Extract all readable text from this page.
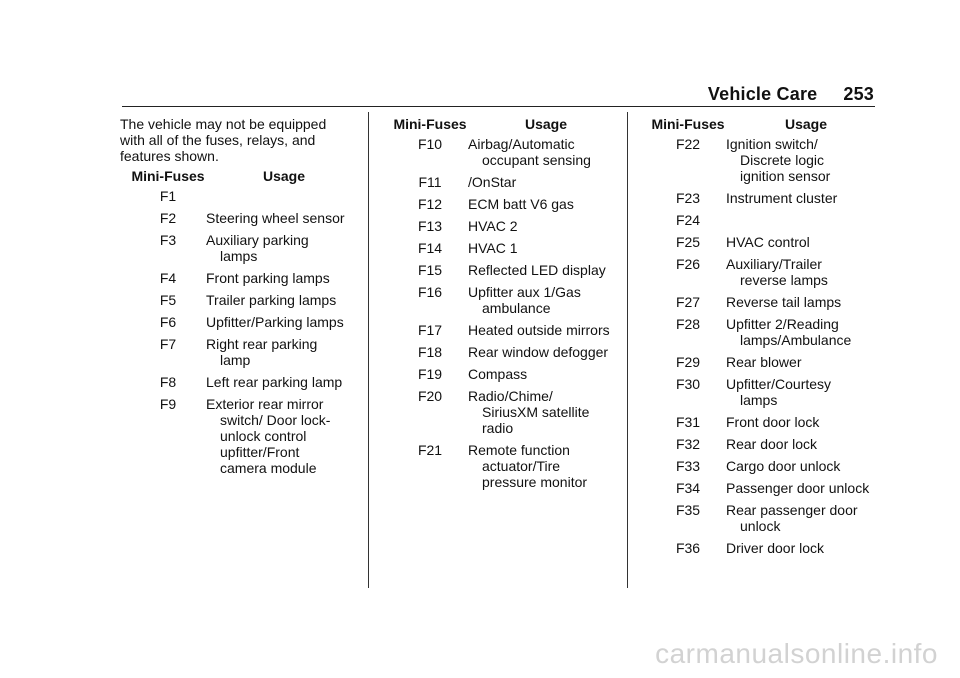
Vehicle Care 253

The vehicle may not be equipped with all of the fuses, relays, and features shown.

Mini-Fuses	Usage
F1
F2	Steering wheel sensor
F3	Auxiliary parking lamps
F4	Front parking lamps
F5	Trailer parking lamps
F6	Upfitter/Parking lamps
F7	Right rear parking lamp
F8	Left rear parking lamp
F9	Exterior rear mirror switch/ Door lock-unlock control upfitter/Front camera module
Mini-Fuses	Usage
F10	Airbag/Automatic occupant sensing
F11	/OnStar
F12	ECM batt V6 gas
F13	HVAC 2
F14	HVAC 1
F15	Reflected LED display
F16	Upfitter aux 1/Gas ambulance
F17	Heated outside mirrors
F18	Rear window defogger
F19	Compass
F20	Radio/Chime/ SiriusXM satellite radio
F21	Remote function actuator/Tire pressure monitor
Mini-Fuses	Usage
F22	Ignition switch/ Discrete logic ignition sensor
F23	Instrument cluster
F24
F25	HVAC control
F26	Auxiliary/Trailer reverse lamps
F27	Reverse tail lamps
F28	Upfitter 2/Reading lamps/Ambulance
F29	Rear blower
F30	Upfitter/Courtesy lamps
F31	Front door lock
F32	Rear door lock
F33	Cargo door unlock
F34	Passenger door unlock
F35	Rear passenger door unlock
F36	Driver door lock
carmanualsonline.info
